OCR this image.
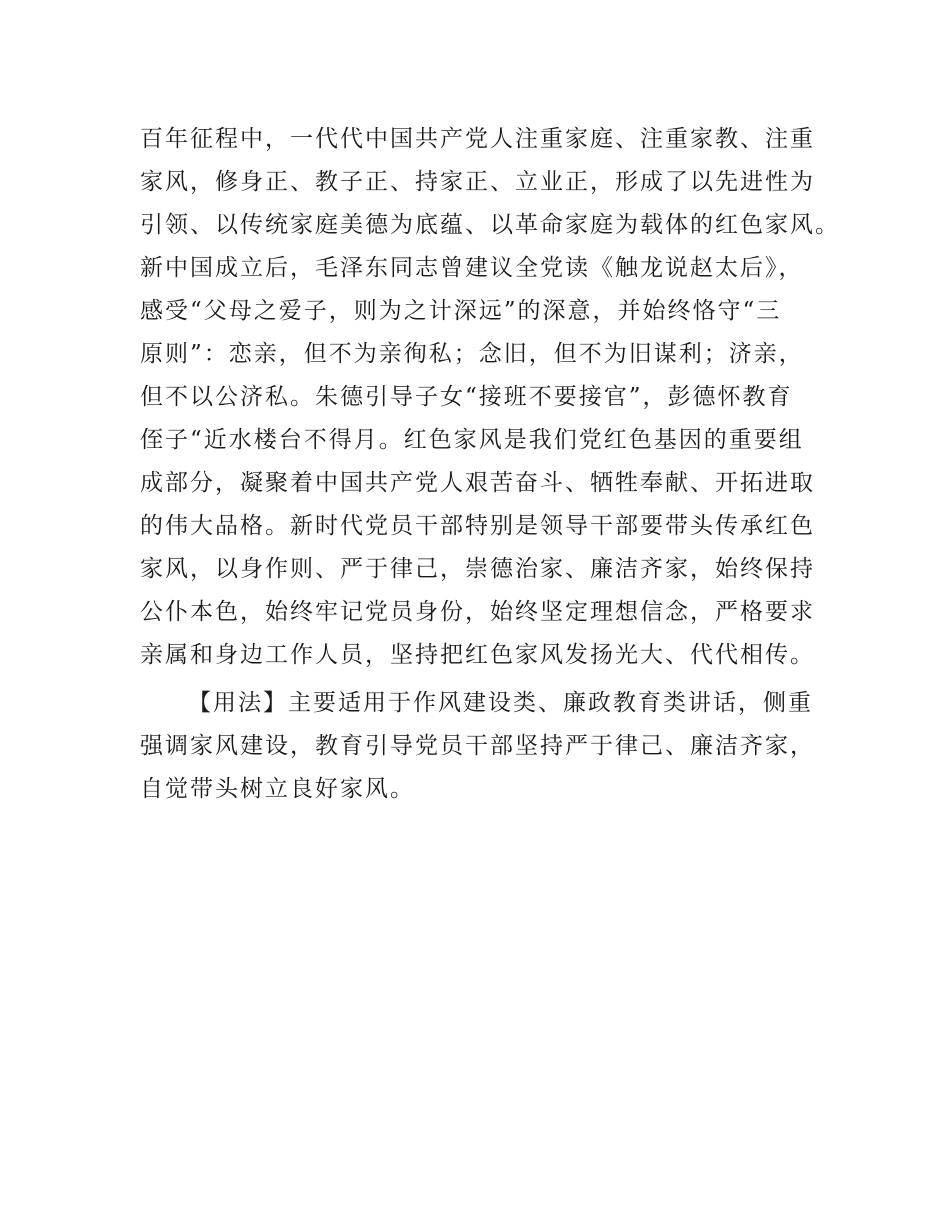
百年征程中，一代代中国共产党人注重家庭、注重家教、注重
家风，修身正、教子正、持家正、立业正，形成了以先进性为
引领、以传统家庭美德为底蕴、以革命家庭为载体的红色家风。
新中国成立后，毛泽东同志曾建议全党读《触龙说赵太后》，
感受“父母之爱子，则为之计深远”的深意，并始终恪守“三
原则”：恋亲，但不为亲徇私；念旧，但不为旧谋利；济亲，
但不以公济私。朱德引导子女“接班不要接官”，彭德怀教育
侄子“近水楼台不得月。红色家风是我们党红色基因的重要组
成部分，凝聚着中国共产党人艰苦奋斗、牺牲奉献、开拓进取
的伟大品格。新时代党员干部特别是领导干部要带头传承红色
家风，以身作则、严于律己，崇德治家、廉洁齐家，始终保持
公仆本色，始终牢记党员身份，始终坚定理想信念，严格要求
亲属和身边工作人员，坚持把红色家风发扬光大、代代相传。
【用法】主要适用于作风建设类、廉政教育类讲话，侧重
强调家风建设，教育引导党员干部坚持严于律己、廉洁齐家，
自觉带头树立良好家风。
